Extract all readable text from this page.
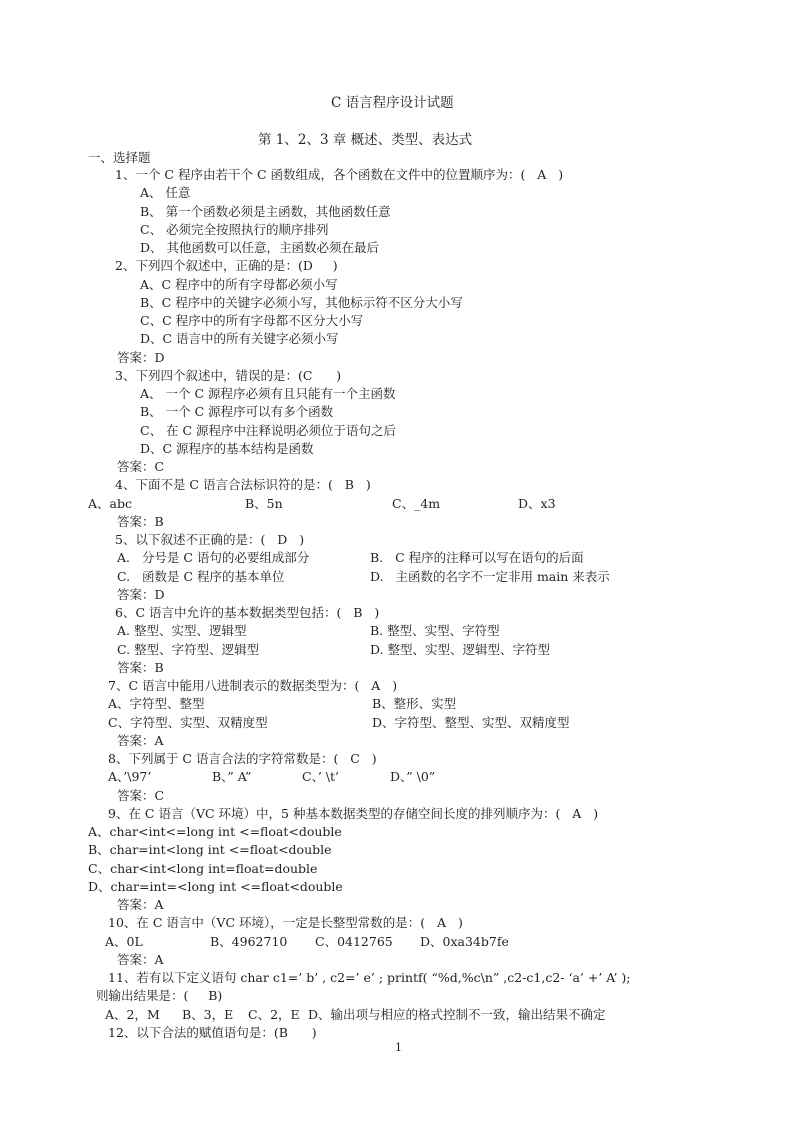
C 语言程序设计试题
第 1、2、3 章 概述、类型、表达式
一、选择题
1、一个 C 程序由若干个 C 函数组成，各个函数在文件中的位置顺序为：(   A   )
A、 任意
B、 第一个函数必须是主函数，其他函数任意
C、 必须完全按照执行的顺序排列
D、 其他函数可以任意，主函数必须在最后
2、下列四个叙述中，正确的是：(D     )
A、C 程序中的所有字母都必须小写
B、C 程序中的关键字必须小写，其他标示符不区分大小写
C、C 程序中的所有字母都不区分大小写
D、C 语言中的所有关键字必须小写
答案：D
3、下列四个叙述中，错误的是：(C      )
A、 一个 C 源程序必须有且只能有一个主函数
B、 一个 C 源程序可以有多个函数
C、 在 C 源程序中注释说明必须位于语句之后
D、C 源程序的基本结构是函数
答案：C
4、下面不是 C 语言合法标识符的是：(   B   )
A、abc	B、5n	C、_4m	D、x3
答案：B
5、以下叙述不正确的是：(   D   )
A.   分号是 C 语句的必要组成部分	B.   C 程序的注释可以写在语句的后面
C.   函数是 C 程序的基本单位	D.   主函数的名字不一定非用 main 来表示
答案：D
6、C 语言中允许的基本数据类型包括：(   B   )
A. 整型、实型、逻辑型	B. 整型、实型、字符型
C. 整型、字符型、逻辑型	D. 整型、实型、逻辑型、字符型
答案：B
7、C 语言中能用八进制表示的数据类型为：(   A   )
A、字符型、整型	B、整形、实型
C、字符型、实型、双精度型	D、字符型、整型、实型、双精度型
答案：A
8、下列属于 C 语言合法的字符常数是：(   C   )
A、’\97’	B、” A”	C、’ \t’	D、” \0”
答案：C
9、在 C 语言（VC 环境）中，5 种基本数据类型的存储空间长度的排列顺序为：(   A   )
A、char<int<=long int <=float<double
B、char=int<long int <=float<double
C、char<int<long int=float=double
D、char=int=<long int <=float<double
答案：A
10、在 C 语言中（VC 环境），一定是长整型常数的是：(   A   )
A、0L	B、4962710 C、0412765 D、0xa34b7fe
答案：A
11、若有以下定义语句 char c1=’ b’ , c2=’ e’ ; printf( “%d,%c\n” ,c2-c1,c2- ‘a’ +’ A’ );
则输出结果是：(     B)
A、2，M B、3，E C、2，E D、输出项与相应的格式控制不一致，输出结果不确定
12、以下合法的赋值语句是：(B      )
1
